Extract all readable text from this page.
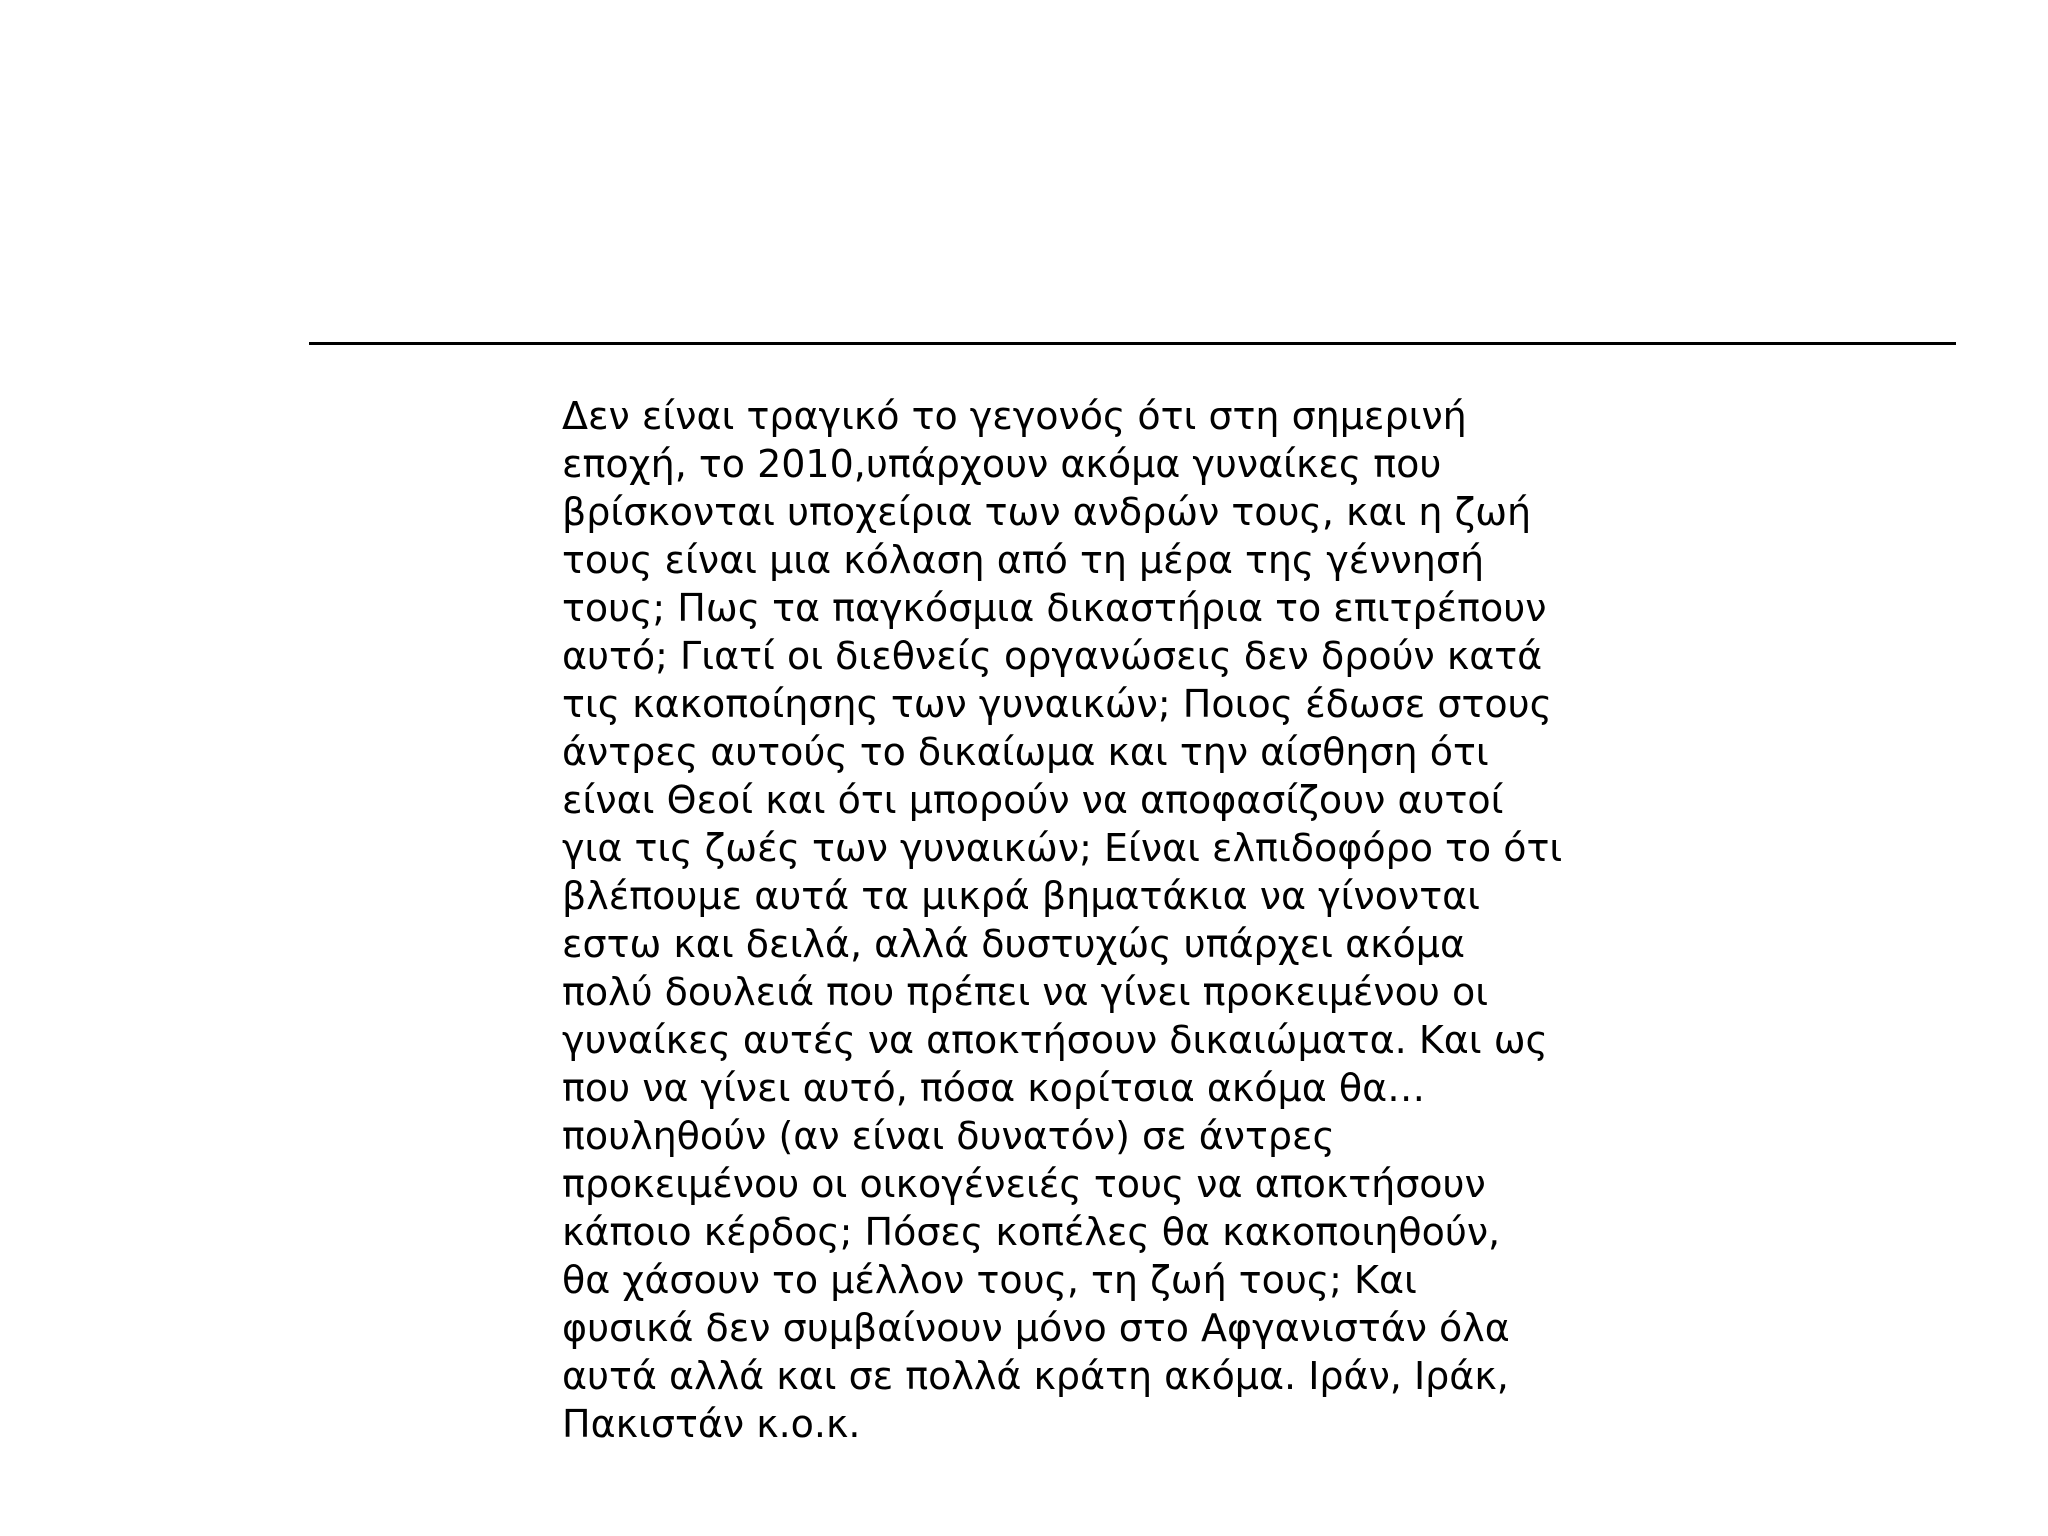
Δεν είναι τραγικό το γεγονός ότι στη σημερινή
εποχή, το 2010,υπάρχουν ακόμα γυναίκες που
βρίσκονται υποχείρια των ανδρών τους, και η ζωή
τους είναι μια κόλαση από τη μέρα της γέννησή
τους; Πως τα παγκόσμια δικαστήρια το επιτρέπουν
αυτό; Γιατί οι διεθνείς οργανώσεις δεν δρούν κατά
τις κακοποίησης των γυναικών; Ποιος έδωσε στους
άντρες αυτούς το δικαίωμα και την αίσθηση ότι
είναι Θεοί και ότι μπορούν να αποφασίζουν αυτοί
για τις ζωές των γυναικών; Είναι ελπιδοφόρο το ότι
βλέπουμε αυτά τα μικρά βηματάκια να γίνονται
εστω και δειλά, αλλά δυστυχώς υπάρχει ακόμα
πολύ δουλειά που πρέπει να γίνει προκειμένου οι
γυναίκες αυτές να αποκτήσουν δικαιώματα. Και ως
που να γίνει αυτό, πόσα κορίτσια ακόμα θα…
πουληθούν (αν είναι δυνατόν) σε άντρες
προκειμένου οι οικογένειές τους να αποκτήσουν
κάποιο κέρδος; Πόσες κοπέλες θα κακοποιηθούν,
θα χάσουν το μέλλον τους, τη ζωή τους; Και
φυσικά δεν συμβαίνουν μόνο στο Αφγανιστάν όλα
αυτά αλλά και σε πολλά κράτη ακόμα. Ιράν, Ιράκ,
Πακιστάν κ.ο.κ.
